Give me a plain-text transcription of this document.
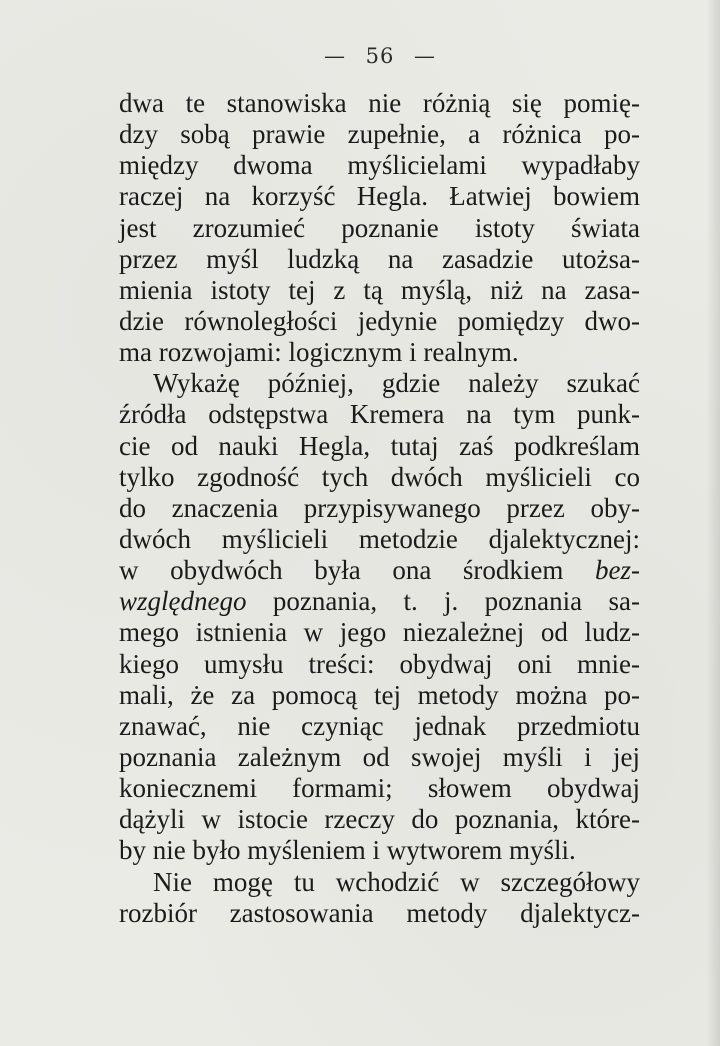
— 56 —
dwa te stanowiska nie różnią się pomię-
dzy sobą prawie zupełnie, a różnica po-
między dwoma myślicielami wypadłaby
raczej na korzyść Hegla. Łatwiej bowiem
jest zrozumieć poznanie istoty świata
przez myśl ludzką na zasadzie utożsa-
mienia istoty tej z tą myślą, niż na zasa-
dzie równoległości jedynie pomiędzy dwo-
ma rozwojami: logicznym i realnym.
Wykażę później, gdzie należy szukać
źródła odstępstwa Kremera na tym punk-
cie od nauki Hegla, tutaj zaś podkreślam
tylko zgodność tych dwóch myślicieli co
do znaczenia przypisywanego przez oby-
dwóch myślicieli metodzie djalektycznej:
w obydwóch była ona środkiem bez-
względnego poznania, t. j. poznania sa-
mego istnienia w jego niezależnej od ludz-
kiego umysłu treści: obydwaj oni mnie-
mali, że za pomocą tej metody można po-
znawać, nie czyniąc jednak przedmiotu
poznania zależnym od swojej myśli i jej
koniecznemi formami; słowem obydwaj
dążyli w istocie rzeczy do poznania, które-
by nie było myśleniem i wytworem myśli.
Nie mogę tu wchodzić w szczegółowy
rozbiór zastosowania metody djalektycz-
